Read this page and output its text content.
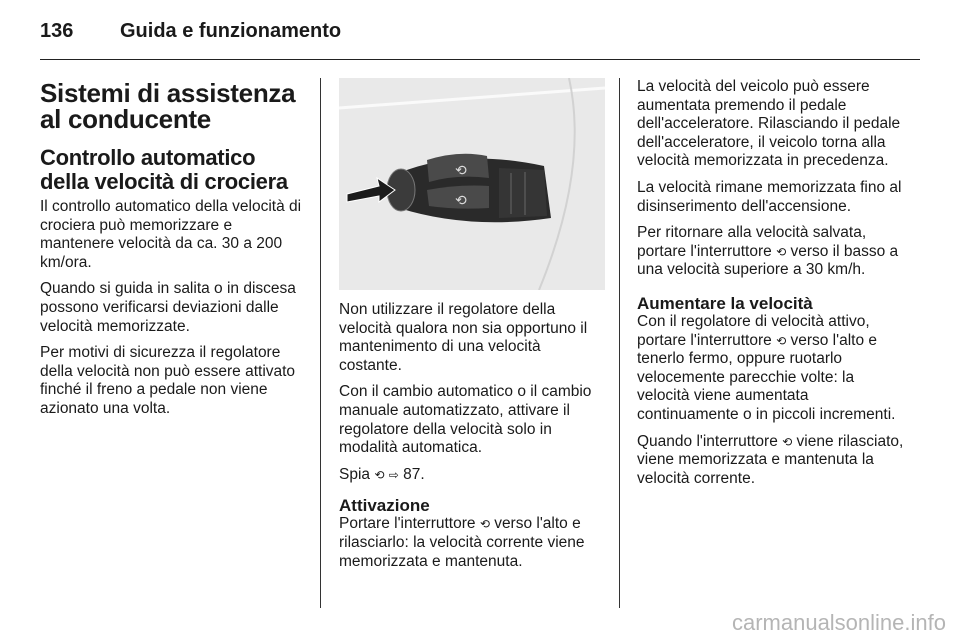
136 Guida e funzionamento
Sistemi di assistenza al conducente
Controllo automatico della velocità di crociera

Il controllo automatico della velocità di crociera può memorizzare e mantenere velocità da ca. 30 a 200 km/ora.

Quando si guida in salita o in discesa possono verificarsi deviazioni dalle velocità memorizzate.

Per motivi di sicurezza il regolatore della velocità non può essere attivato finché il freno a pedale non viene azionato una volta.

⟲
⟲

Non utilizzare il regolatore della velocità qualora non sia opportuno il mantenimento di una velocità costante.

Con il cambio automatico o il cambio manuale automatizzato, attivare il regolatore della velocità solo in modalità automatica.

Spia ⟲ ⇨ 87.

Attivazione

Portare l'interruttore ⟲ verso l'alto e rilasciarlo: la velocità corrente viene memorizzata e mantenuta.

La velocità del veicolo può essere aumentata premendo il pedale dell'acceleratore. Rilasciando il pedale dell'acceleratore, il veicolo torna alla velocità memorizzata in precedenza.

La velocità rimane memorizzata fino al disinserimento dell'accensione.

Per ritornare alla velocità salvata, portare l'interruttore ⟲ verso il basso a una velocità superiore a 30 km/h.

Aumentare la velocità

Con il regolatore di velocità attivo, portare l'interruttore ⟲ verso l'alto e tenerlo fermo, oppure ruotarlo velocemente parecchie volte: la velocità viene aumentata continuamente o in piccoli incrementi.

Quando l'interruttore ⟲ viene rilasciato, viene memorizzata e mantenuta la velocità corrente.

carmanualsonline.info
